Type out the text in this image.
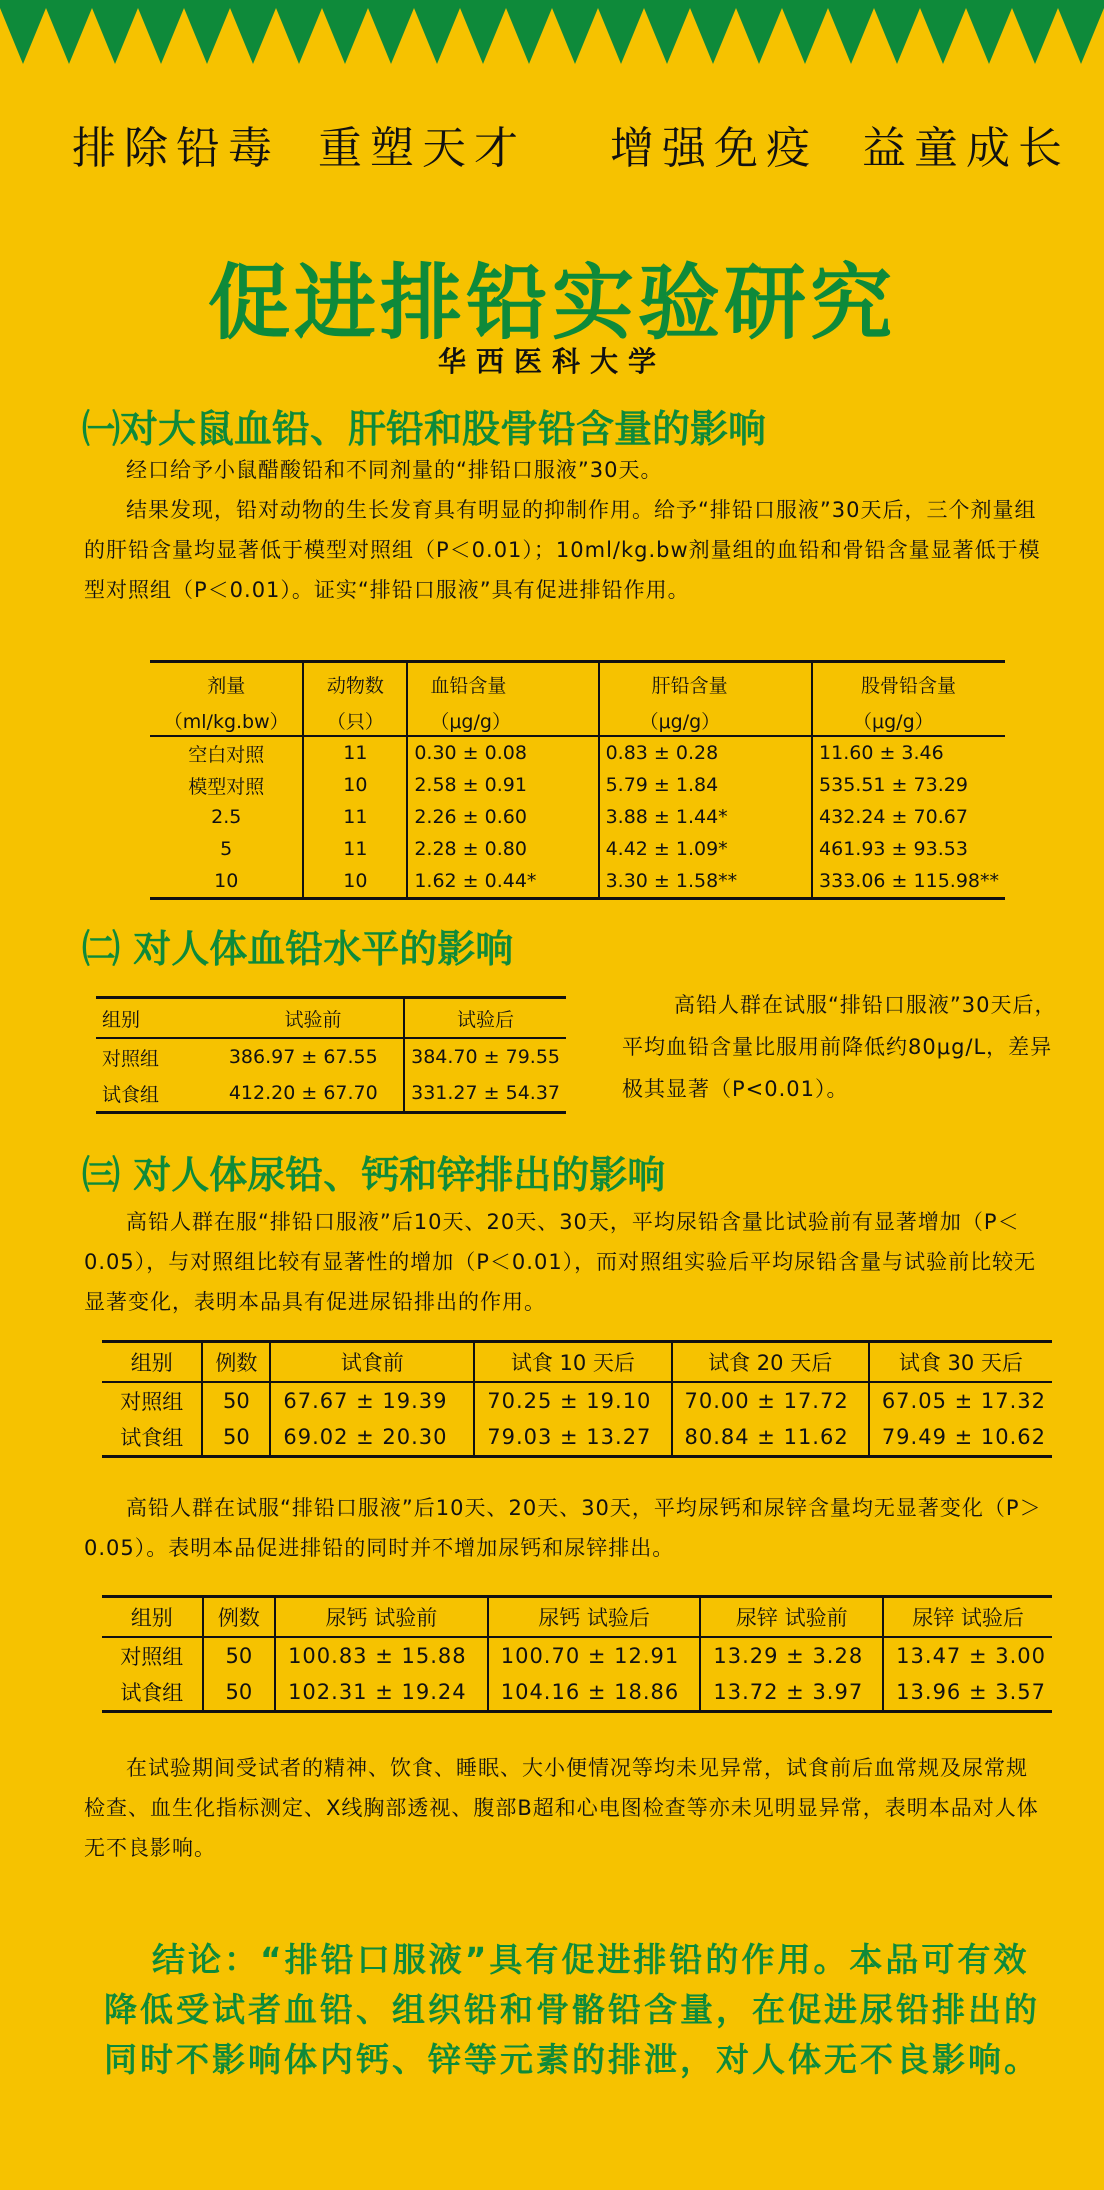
排除铅毒 重塑天才 增强免疫 益童成长
促进排铅实验研究
华西医科大学
㈠对大鼠血铅、肝铅和股骨铅含量的影响

经口给予小鼠醋酸铅和不同剂量的“排铅口服液”30天。

结果发现，铅对动物的生长发育具有明显的抑制作用。给予“排铅口服液”30天后，三个剂量组的肝铅含量均显著低于模型对照组（P＜0.01）；10ml/kg.bw剂量组的血铅和骨铅含量显著低于模型对照组（P＜0.01）。证实“排铅口服液”具有促进排铅作用。

剂量	动物数	血铅含量	肝铅含量	股骨铅含量
（ml/kg.bw）	（只）	（μg/g）	（μg/g）	（μg/g）
空白对照	11	0.30 ± 0.08	0.83 ± 0.28	11.60 ± 3.46
模型对照	10	2.58 ± 0.91	5.79 ± 1.84	535.51 ± 73.29
2.5	11	2.26 ± 0.60	3.88 ± 1.44*	432.24 ± 70.67
5	11	2.28 ± 0.80	4.42 ± 1.09*	461.93 ± 93.53
10	10	1.62 ± 0.44*	3.30 ± 1.58**	333.06 ± 115.98**
㈡ 对人体血铅水平的影响
组别	试验前	试验后
对照组	386.97 ± 67.55	384.70 ± 79.55
试食组	412.20 ± 67.70	331.27 ± 54.37

高铅人群在试服“排铅口服液”30天后，平均血铅含量比服用前降低约80μg/L，差异极其显著（P<0.01）。

㈢ 对人体尿铅、钙和锌排出的影响

高铅人群在服“排铅口服液”后10天、20天、30天，平均尿铅含量比试验前有显著增加（P＜0.05），与对照组比较有显著性的增加（P＜0.01），而对照组实验后平均尿铅含量与试验前比较无显著变化，表明本品具有促进尿铅排出的作用。

组别	例数	试食前	试食 10 天后	试食 20 天后	试食 30 天后
对照组	50	67.67 ± 19.39	70.25 ± 19.10	70.00 ± 17.72	67.05 ± 17.32
试食组	50	69.02 ± 20.30	79.03 ± 13.27	80.84 ± 11.62	79.49 ± 10.62

高铅人群在试服“排铅口服液”后10天、20天、30天，平均尿钙和尿锌含量均无显著变化（P＞0.05）。表明本品促进排铅的同时并不增加尿钙和尿锌排出。

组别	例数	尿钙 试验前	尿钙 试验后	尿锌 试验前	尿锌 试验后
对照组	50	100.83 ± 15.88	100.70 ± 12.91	13.29 ± 3.28	13.47 ± 3.00
试食组	50	102.31 ± 19.24	104.16 ± 18.86	13.72 ± 3.97	13.96 ± 3.57

在试验期间受试者的精神、饮食、睡眠、大小便情况等均未见异常，试食前后血常规及尿常规检查、血生化指标测定、X线胸部透视、腹部B超和心电图检查等亦未见明显异常，表明本品对人体无不良影响。

结论：“排铅口服液”具有促进排铅的作用。本品可有效降低受试者血铅、组织铅和骨骼铅含量，在促进尿铅排出的同时不影响体内钙、锌等元素的排泄，对人体无不良影响。
